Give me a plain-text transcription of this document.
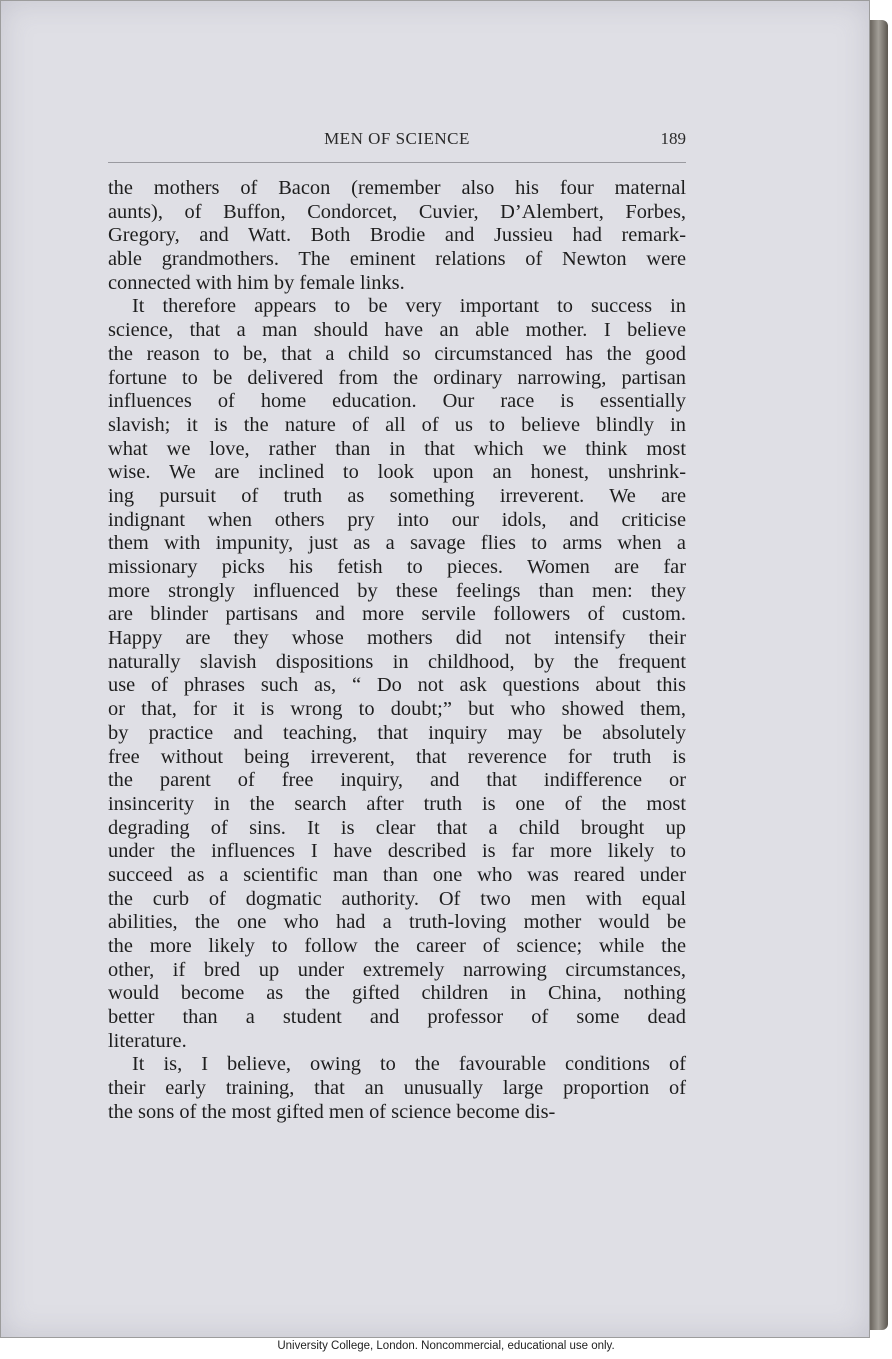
MEN OF SCIENCE	189
the mothers of Bacon (remember also his four maternal
aunts), of Buffon, Condorcet, Cuvier, D’Alembert, Forbes,
Gregory, and Watt. Both Brodie and Jussieu had remark-
able grandmothers. The eminent relations of Newton were
connected with him by female links.
It therefore appears to be very important to success in
science, that a man should have an able mother. I believe
the reason to be, that a child so circumstanced has the good
fortune to be delivered from the ordinary narrowing, partisan
influences of home education. Our race is essentially
slavish; it is the nature of all of us to believe blindly in
what we love, rather than in that which we think most
wise. We are inclined to look upon an honest, unshrink-
ing pursuit of truth as something irreverent. We are
indignant when others pry into our idols, and criticise
them with impunity, just as a savage flies to arms when a
missionary picks his fetish to pieces. Women are far
more strongly influenced by these feelings than men: they
are blinder partisans and more servile followers of custom.
Happy are they whose mothers did not intensify their
naturally slavish dispositions in childhood, by the frequent
use of phrases such as, “ Do not ask questions about this
or that, for it is wrong to doubt;” but who showed them,
by practice and teaching, that inquiry may be absolutely
free without being irreverent, that reverence for truth is
the parent of free inquiry, and that indifference or
insincerity in the search after truth is one of the most
degrading of sins. It is clear that a child brought up
under the influences I have described is far more likely to
succeed as a scientific man than one who was reared under
the curb of dogmatic authority. Of two men with equal
abilities, the one who had a truth-loving mother would be
the more likely to follow the career of science; while the
other, if bred up under extremely narrowing circumstances,
would become as the gifted children in China, nothing
better than a student and professor of some dead
literature.
It is, I believe, owing to the favourable conditions of
their early training, that an unusually large proportion of
the sons of the most gifted men of science become dis-
University College, London. Noncommercial, educational use only.
